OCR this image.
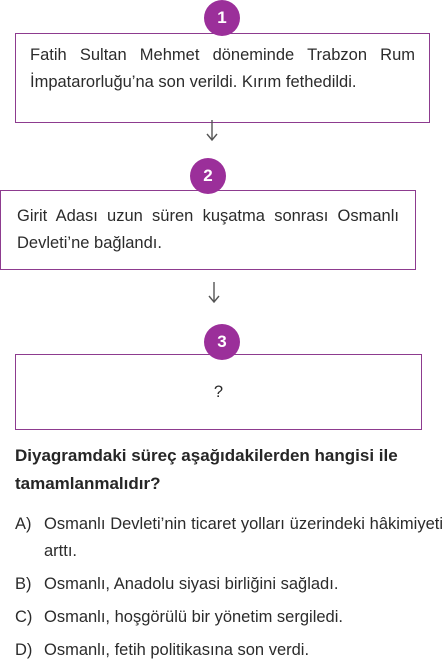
Fatih Sultan Mehmet döneminde Trabzon Rum İmpatarorluğu’na son verildi. Kırım fethedildi.
1
Girit Adası uzun süren kuşatma sonrası Osmanlı Devleti’ne bağlandı.
2
?
3
Diyagramdaki süreç aşağıdakilerden hangisi ile tamamlanmalıdır?
A) Osmanlı Devleti’nin ticaret yolları üzerindeki hâkimiyeti arttı.
B) Osmanlı, Anadolu siyasi birliğini sağladı.
C) Osmanlı, hoşgörülü bir yönetim sergiledi.
D) Osmanlı, fetih politikasına son verdi.
